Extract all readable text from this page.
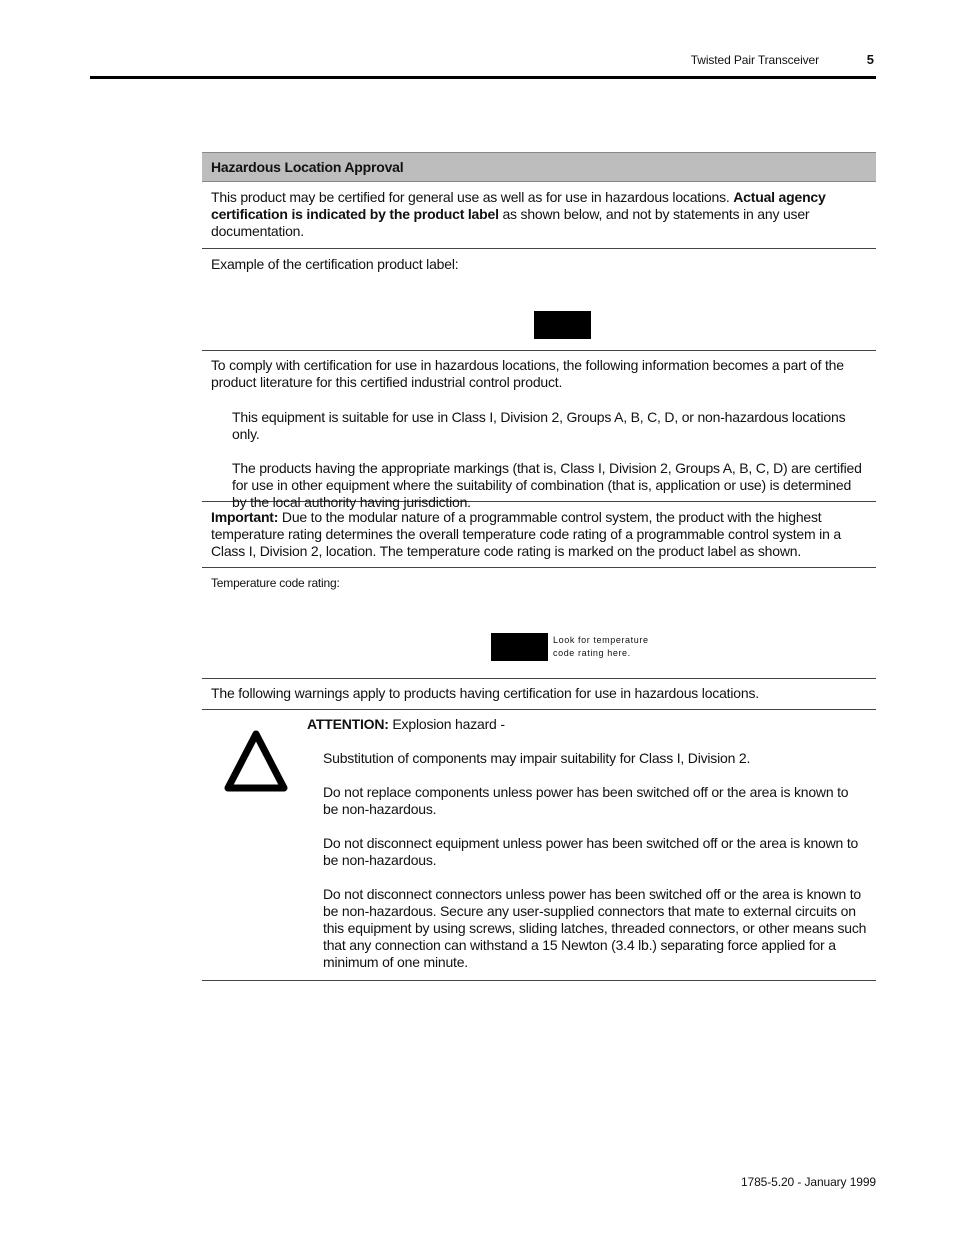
Twisted Pair Transceiver	5
Hazardous Location Approval

This product may be certified for general use as well as for use in hazardous locations. Actual agency certification is indicated by the product label as shown below, and not by statements in any user documentation.

Example of the certification product label:

To comply with certification for use in hazardous locations, the following information becomes a part of the product literature for this certified industrial control product.

This equipment is suitable for use in Class I, Division 2, Groups A, B, C, D, or non-hazardous locations only.

The products having the appropriate markings (that is, Class I, Division 2, Groups A, B, C, D) are certified for use in other equipment where the suitability of combination (that is, application or use) is determined by the local authority having jurisdiction.

Important: Due to the modular nature of a programmable control system, the product with the highest temperature rating determines the overall temperature code rating of a programmable control system in a Class I, Division 2, location. The temperature code rating is marked on the product label as shown.

Temperature code rating:

Look for temperature
code rating here.

The following warnings apply to products having certification for use in hazardous locations.

ATTENTION: Explosion hazard -

Substitution of components may impair suitability for Class I, Division 2.

Do not replace components unless power has been switched off or the area is known to be non-hazardous.

Do not disconnect equipment unless power has been switched off or the area is known to be non-hazardous.

Do not disconnect connectors unless power has been switched off or the area is known to be non-hazardous. Secure any user-supplied connectors that mate to external circuits on this equipment by using screws, sliding latches, threaded connectors, or other means such that any connection can withstand a 15 Newton (3.4 lb.) separating force applied for a minimum of one minute.

1785-5.20 - January 1999
